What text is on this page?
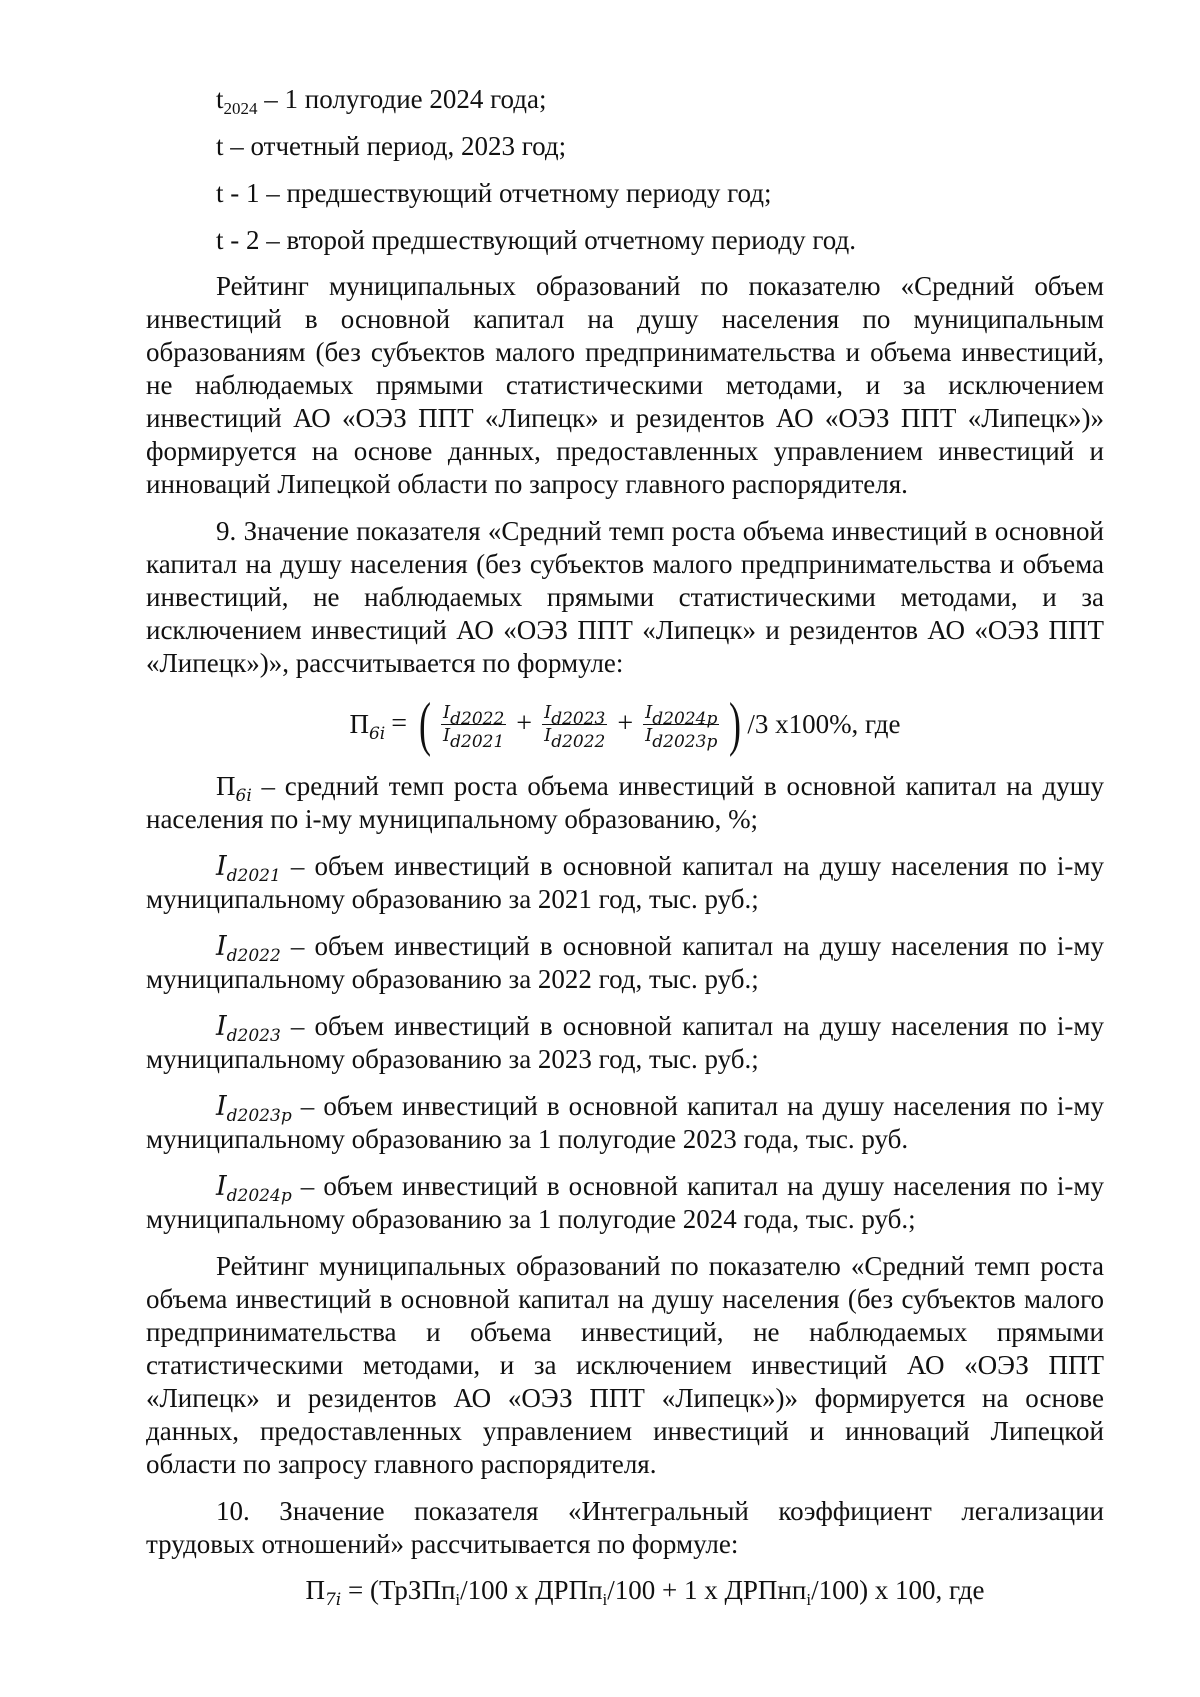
$t_{2024} - 1$ полугодие 2024 года;
t – отчетный период, 2023 год;
t - 1 – предшествующий отчетному периоду год;
t - 2 – второй предшествующий отчетному периоду год.

Рейтинг муниципальных образований по показателю «Средний объем инвестиций в основной капитал на душу населения по муниципальным образованиям (без субъектов малого предпринимательства и объема инвестиций, не наблюдаемых прямыми статистическими методами, и за исключением инвестиций АО «ОЭЗ ППТ «Липецк» и резидентов АО «ОЭЗ ППТ «Липецк»)» формируется на основе данных, предоставленных управлением инвестиций и инноваций Липецкой области по запросу главного распорядителя.

9. Значение показателя «Средний темп роста объема инвестиций в основной капитал на душу населения (без субъектов малого предпринимательства и объема инвестиций, не наблюдаемых прямыми статистическими методами, и за исключением инвестиций АО «ОЭЗ ППТ «Липецк» и резидентов АО «ОЭЗ ППТ «Липецк»)», рассчитывается по формуле:

$П_{6i}$ = ( $\frac{I_{d2022}}{I_{d2021}} + \frac{I_{d2023}}{I_{d2022}} + \frac{I_{d2024p}}{I_{d2023p}}$ ) /3 x100%, где

$П_{6i}$ – средний темп роста объема инвестиций в основной капитал на душу населения по i-му муниципальному образованию, %;

$I_{d2021}$ – объем инвестиций в основной капитал на душу населения по i-му муниципальному образованию за 2021 год, тыс. руб.;

$I_{d2022}$ – объем инвестиций в основной капитал на душу населения по i-му муниципальному образованию за 2022 год, тыс. руб.;

$I_{d2023}$ – объем инвестиций в основной капитал на душу населения по i-му муниципальному образованию за 2023 год, тыс. руб.;

$I_{d2023p}$ – объем инвестиций в основной капитал на душу населения по i-му муниципальному образованию за 1 полугодие 2023 года, тыс. руб.

$I_{d2024p}$ – объем инвестиций в основной капитал на душу населения по i-му муниципальному образованию за 1 полугодие 2024 года, тыс. руб.;

Рейтинг муниципальных образований по показателю «Средний темп роста объема инвестиций в основной капитал на душу населения (без субъектов малого предпринимательства и объема инвестиций, не наблюдаемых прямыми статистическими методами, и за исключением инвестиций АО «ОЭЗ ППТ «Липецк» и резидентов АО «ОЭЗ ППТ «Липецк»)» формируется на основе данных, предоставленных управлением инвестиций и инноваций Липецкой области по запросу главного распорядителя.

10. Значение показателя «Интегральный коэффициент легализации трудовых отношений» рассчитывается по формуле:

$П_{7i}$ = (ТрЗПп$_i$/100 х ДРПп$_i$/100 + 1 х ДРПнп$_i$/100) х 100, где
